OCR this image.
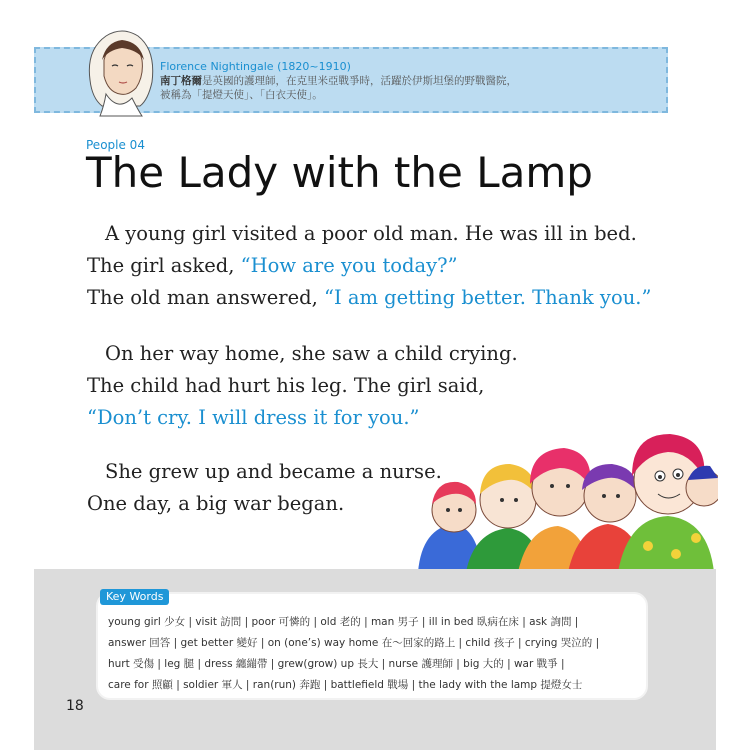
Florence Nightingale (1820~1910)
南丁格爾是英國的護理師，在克里米亞戰爭時，活躍於伊斯坦堡的野戰醫院，
被稱為「提燈天使」、「白衣天使」。
People 04
The Lady with the Lamp
A young girl visited a poor old man. He was ill in bed.
The girl asked, “How are you today?”
The old man answered, “I am getting better. Thank you.”
On her way home, she saw a child crying.
The child had hurt his leg. The girl said,
“Don’t cry. I will dress it for you.”
She grew up and became a nurse.
One day, a big war began.
Key Words
young girl 少女 | visit 訪問 | poor 可憐的 | old 老的 | man 男子 | ill in bed 臥病在床 | ask 詢問 |
answer 回答 | get better 變好 | on (one’s) way home 在～回家的路上 | child 孩子 | crying 哭泣的 |
hurt 受傷 | leg 腿 | dress 纏繃帶 | grew(grow) up 長大 | nurse 護理師 | big 大的 | war 戰爭 |
care for 照顧 | soldier 軍人 | ran(run) 奔跑 | battlefield 戰場 | the lady with the lamp 提燈女士
18
